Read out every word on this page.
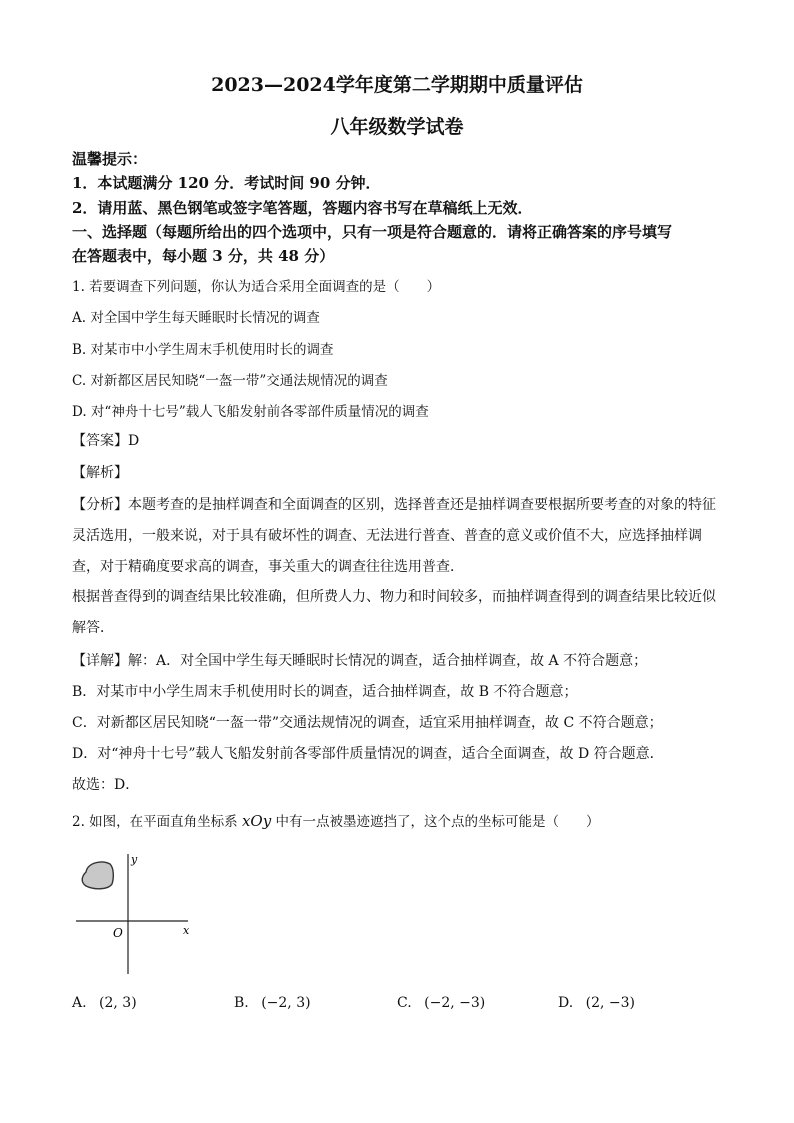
2023—2024学年度第二学期期中质量评估
八年级数学试卷
温馨提示：
1．本试题满分 120 分．考试时间 90 分钟．
2．请用蓝、黑色钢笔或签字笔答题，答题内容书写在草稿纸上无效．
一、选择题（每题所给出的四个选项中，只有一项是符合题意的．请将正确答案的序号填写
在答题表中，每小题 3 分，共 48 分）
1. 若要调查下列问题，你认为适合采用全面调查的是（　　）
A. 对全国中学生每天睡眠时长情况的调查
B. 对某市中小学生周末手机使用时长的调查
C. 对新都区居民知晓“一盔一带”交通法规情况的调查
D. 对“神舟十七号”载人飞船发射前各零部件质量情况的调查
【答案】D
【解析】
【分析】本题考查的是抽样调查和全面调查的区别，选择普查还是抽样调查要根据所要考查的对象的特征
灵活选用，一般来说，对于具有破坏性的调查、无法进行普查、普查的意义或价值不大，应选择抽样调
查，对于精确度要求高的调查，事关重大的调查往往选用普查．
根据普查得到的调查结果比较准确，但所费人力、物力和时间较多，而抽样调查得到的调查结果比较近似
解答．
【详解】解：A．对全国中学生每天睡眠时长情况的调查，适合抽样调查，故 A 不符合题意；
B．对某市中小学生周末手机使用时长的调查，适合抽样调查，故 B 不符合题意；
C．对新都区居民知晓“一盔一带”交通法规情况的调查，适宜采用抽样调查，故 C 不符合题意；
D．对“神舟十七号”载人飞船发射前各零部件质量情况的调查，适合全面调查，故 D 符合题意．
故选：D．
2. 如图，在平面直角坐标系 xOy 中有一点被墨迹遮挡了，这个点的坐标可能是（　　）
y
x
O
A. (2, 3)	B. (−2, 3)	C. (−2, −3)	D. (2, −3)
